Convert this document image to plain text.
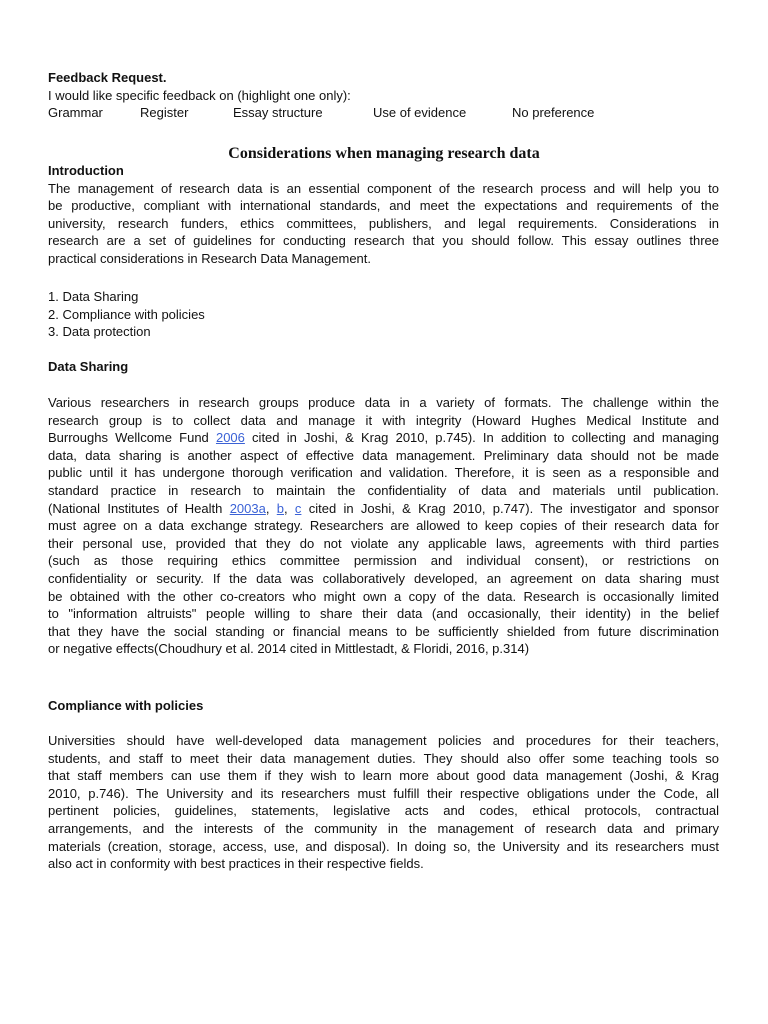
Feedback Request.
I would like specific feedback on (highlight one only):
Grammar	Register	Essay structure	Use of evidence	No preference
Considerations when managing research data
Introduction
The management of research data is an essential component of the research process and will help you to
be productive, compliant with international standards, and meet the expectations and requirements of the
university, research funders, ethics committees, publishers, and legal requirements. Considerations in
research are a set of guidelines for conducting research that you should follow. This essay outlines three
practical considerations in Research Data Management.
1. Data Sharing
2. Compliance with policies
3. Data protection
Data Sharing
Various researchers in research groups produce data in a variety of formats. The challenge within the
research group is to collect data and manage it with integrity (Howard Hughes Medical Institute and
Burroughs Wellcome Fund 2006 cited in Joshi, & Krag 2010, p.745). In addition to collecting and managing
data, data sharing is another aspect of effective data management. Preliminary data should not be made
public until it has undergone thorough verification and validation. Therefore, it is seen as a responsible and
standard practice in research to maintain the confidentiality of data and materials until publication.
(National Institutes of Health 2003a, b, c cited in Joshi, & Krag 2010, p.747). The investigator and sponsor
must agree on a data exchange strategy. Researchers are allowed to keep copies of their research data for
their personal use, provided that they do not violate any applicable laws, agreements with third parties
(such as those requiring ethics committee permission and individual consent), or restrictions on
confidentiality or security. If the data was collaboratively developed, an agreement on data sharing must
be obtained with the other co-creators who might own a copy of the data. Research is occasionally limited
to "information altruists" people willing to share their data (and occasionally, their identity) in the belief
that they have the social standing or financial means to be sufficiently shielded from future discrimination
or negative effects(Choudhury et al. 2014 cited in Mittlestadt, & Floridi, 2016, p.314)
Compliance with policies
Universities should have well-developed data management policies and procedures for their teachers,
students, and staff to meet their data management duties. They should also offer some teaching tools so
that staff members can use them if they wish to learn more about good data management (Joshi, & Krag
2010, p.746). The University and its researchers must fulfill their respective obligations under the Code, all
pertinent policies, guidelines, statements, legislative acts and codes, ethical protocols, contractual
arrangements, and the interests of the community in the management of research data and primary
materials (creation, storage, access, use, and disposal). In doing so, the University and its researchers must
also act in conformity with best practices in their respective fields.
